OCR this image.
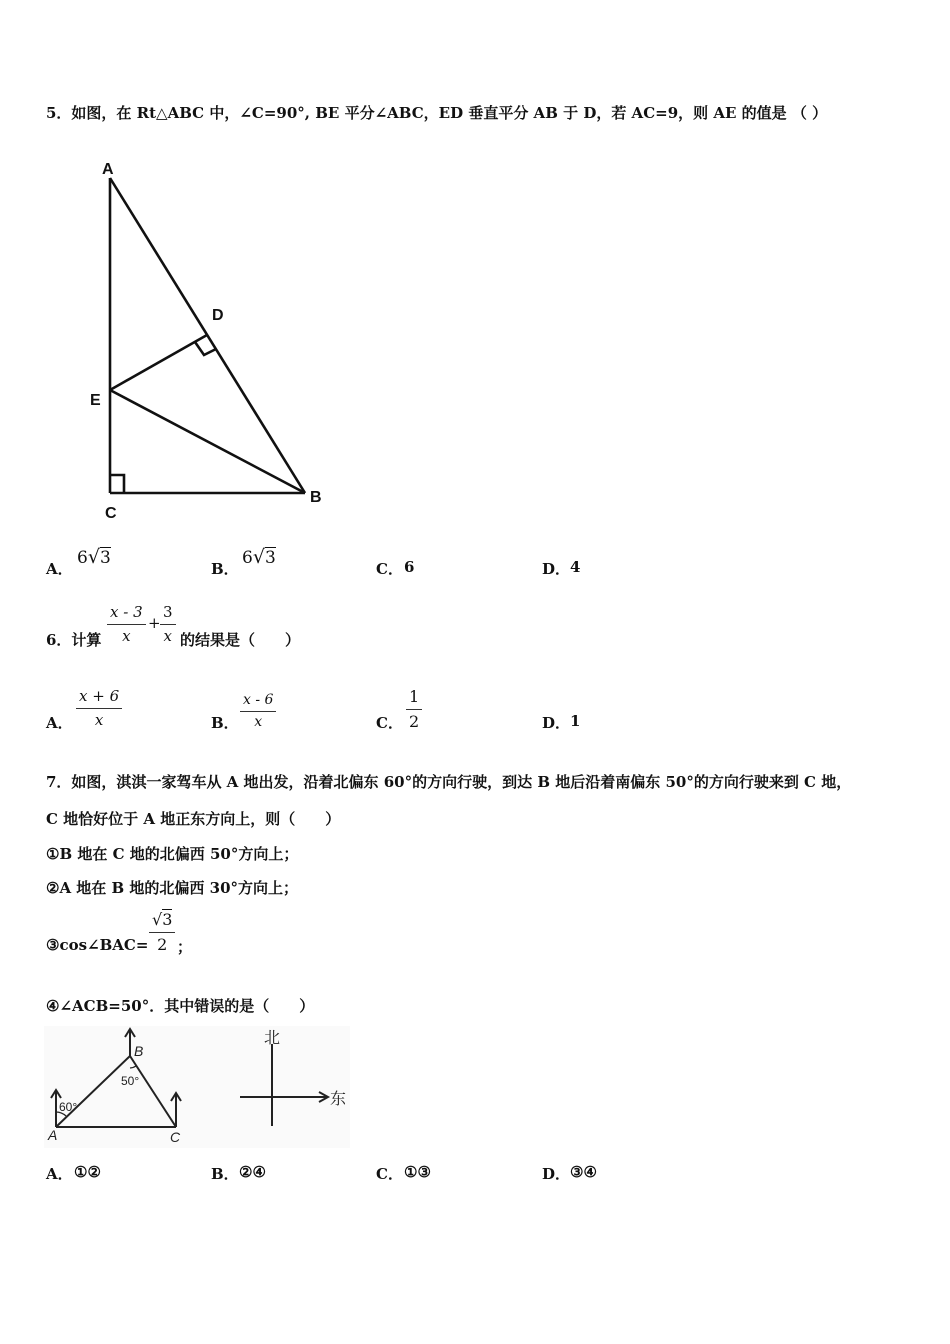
5．如图，在 Rt△ABC 中，∠C=90°, BE 平分∠ABC，ED 垂直平分 AB 于 D，若 AC=9，则 AE 的值是 （ ）
A
D
E
C
B
A．
6√3
B．
6√3
C． 6	D． 4
6．计算 $\frac{x - 3}{x} + \frac{3}{x}$ 的结果是（　　）
A． $\frac{x + 6}{x}$	B． $\frac{x - 6}{x}$	C． $\frac{1}{2}$	D． 1
7．如图，淇淇一家驾车从 A 地出发，沿着北偏东 60°的方向行驶，到达 B 地后沿着南偏东 50°的方向行驶来到 C 地，
C 地恰好位于 A 地正东方向上，则（　　）
①B 地在 C 地的北偏西 50°方向上；
②A 地在 B 地的北偏西 30°方向上；
③cos∠BAC= $\frac{√3}{2}$ ；
④∠ACB=50°．其中错误的是（　　）
A
B
C
60°
50°
北
东
A． ①②	B． ②④	C． ①③	D． ③④
